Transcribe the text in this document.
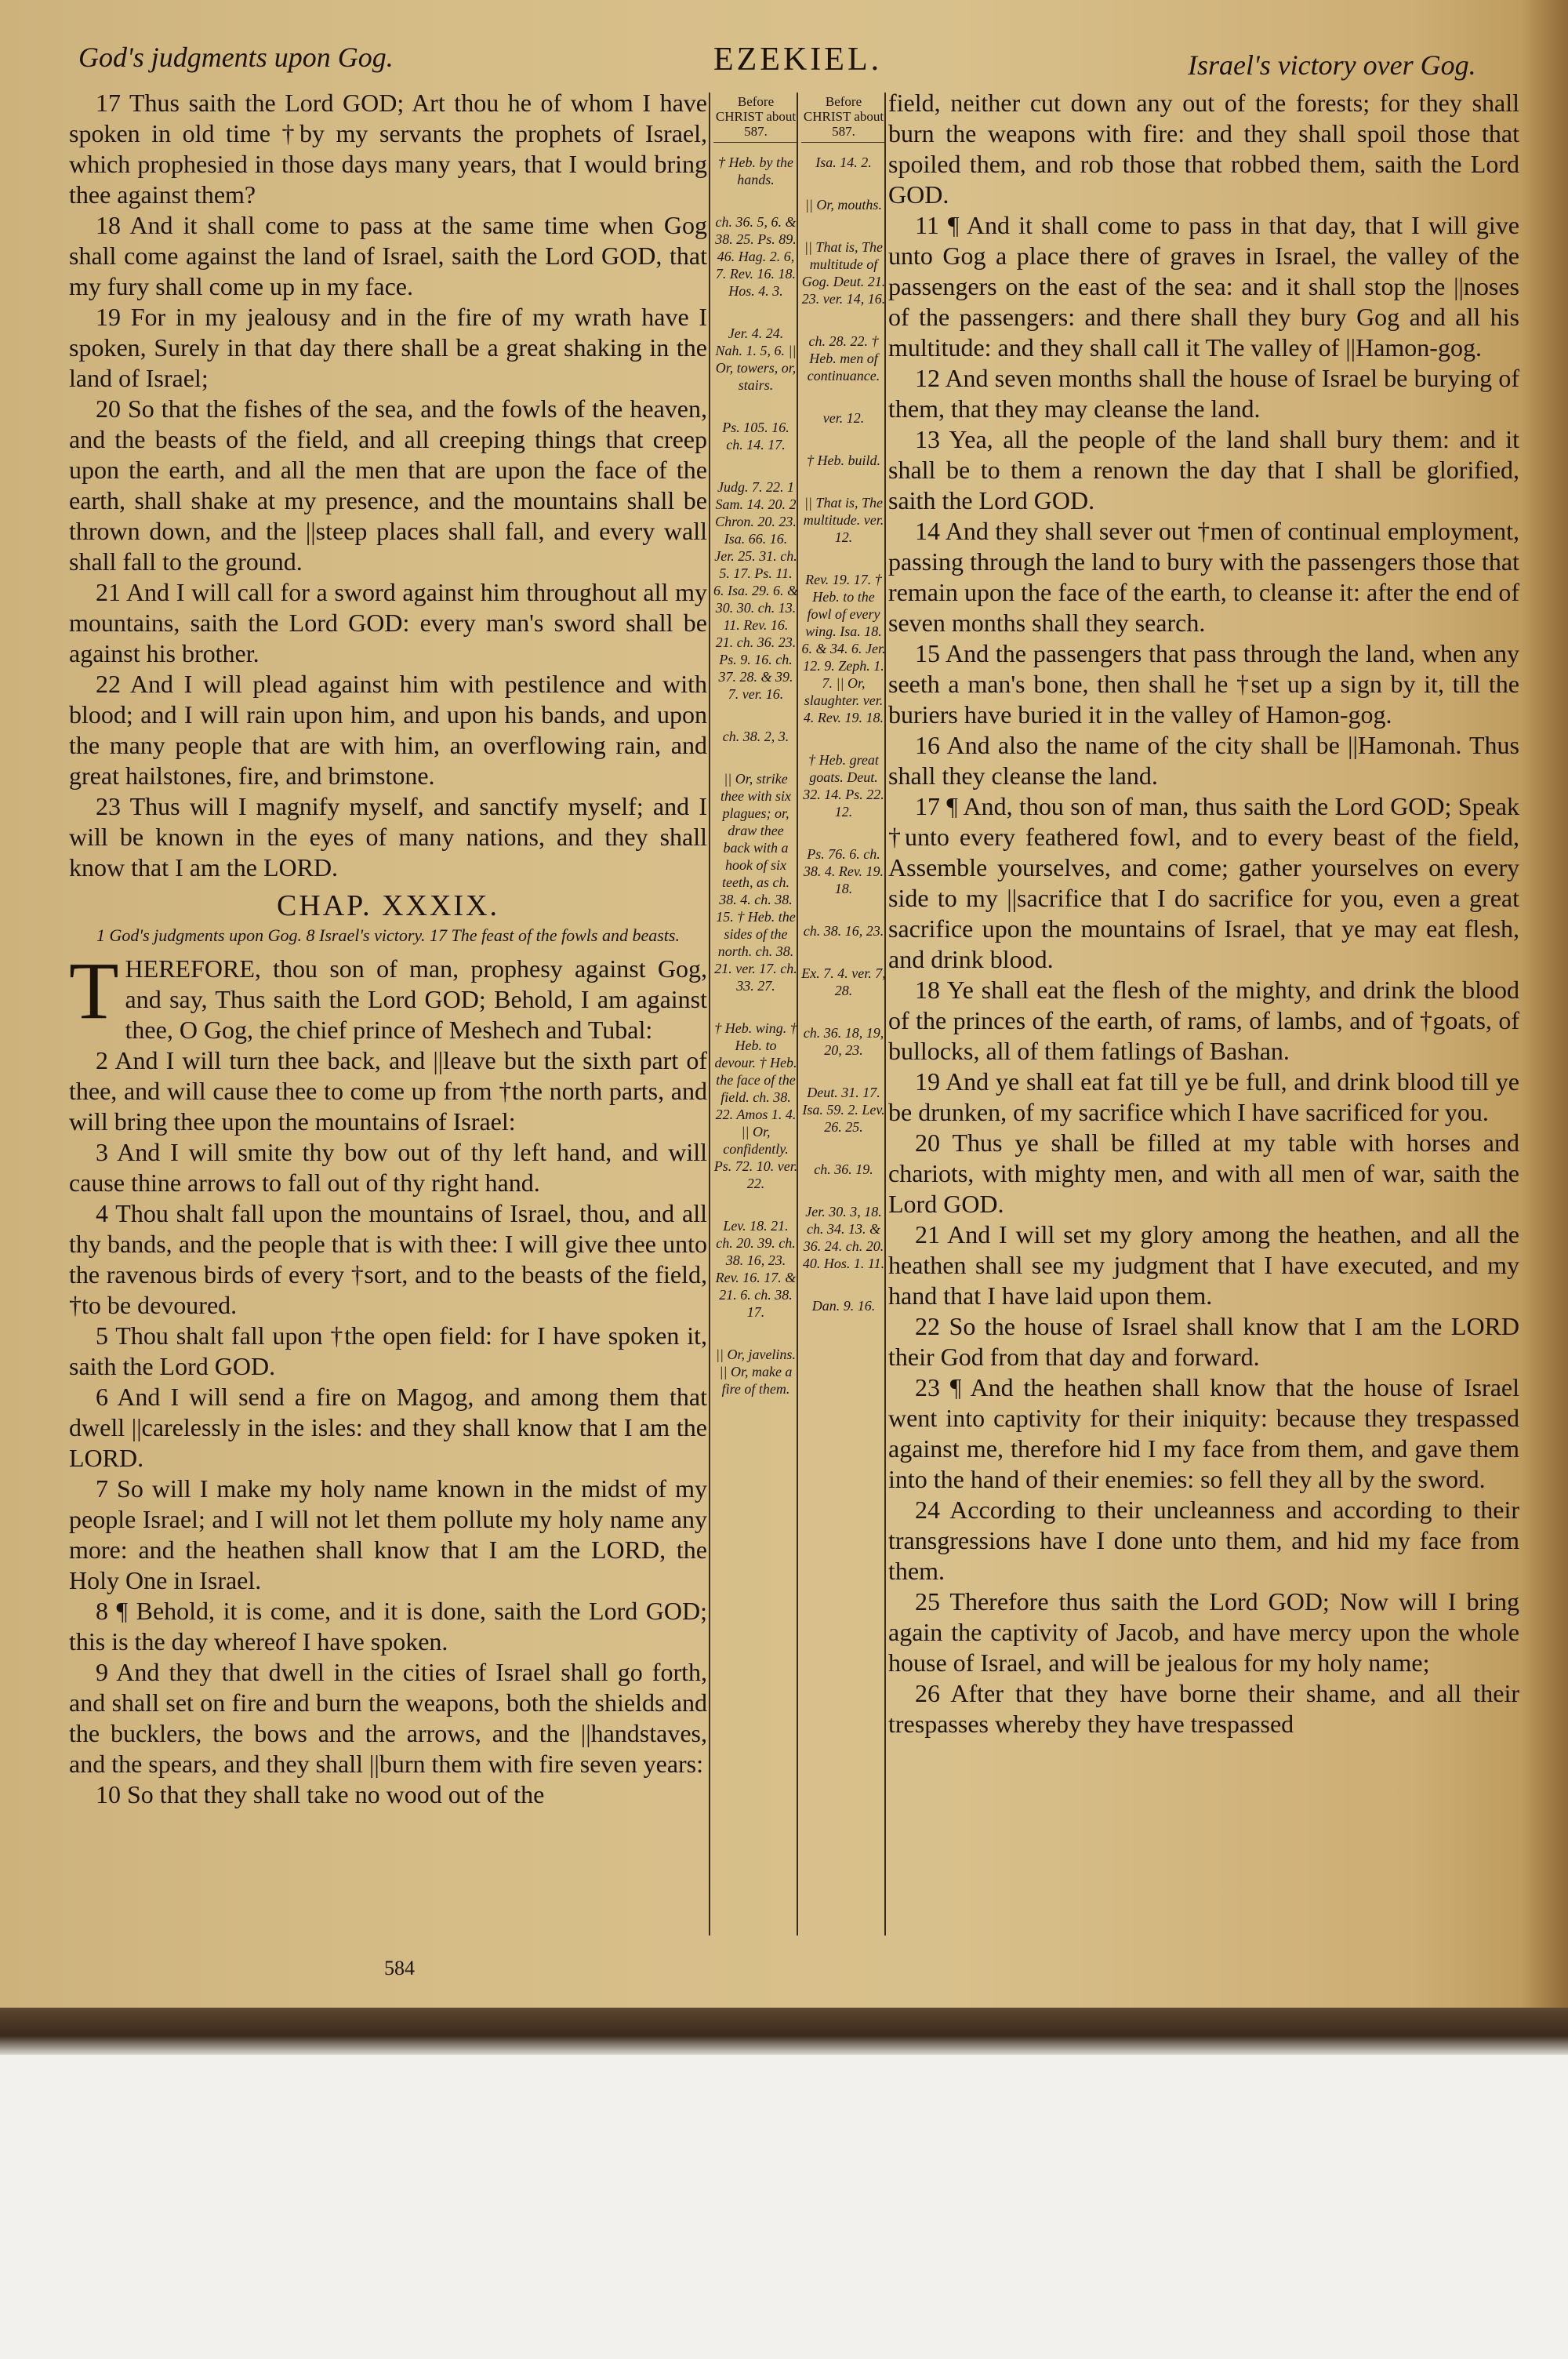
God's judgments upon Gog.	EZEKIEL.	Israel's victory over Gog.

17 Thus saith the Lord GOD; Art thou he of whom I have spoken in old time †by my servants the prophets of Israel, which prophesied in those days many years, that I would bring thee against them?

18 And it shall come to pass at the same time when Gog shall come against the land of Israel, saith the Lord GOD, that my fury shall come up in my face.

19 For in my jealousy and in the fire of my wrath have I spoken, Surely in that day there shall be a great shaking in the land of Israel;

20 So that the fishes of the sea, and the fowls of the heaven, and the beasts of the field, and all creeping things that creep upon the earth, and all the men that are upon the face of the earth, shall shake at my presence, and the mountains shall be thrown down, and the ||steep places shall fall, and every wall shall fall to the ground.

21 And I will call for a sword against him throughout all my mountains, saith the Lord GOD: every man's sword shall be against his brother.

22 And I will plead against him with pestilence and with blood; and I will rain upon him, and upon his bands, and upon the many people that are with him, an overflowing rain, and great hailstones, fire, and brimstone.

23 Thus will I magnify myself, and sanctify myself; and I will be known in the eyes of many nations, and they shall know that I am the LORD.

CHAP. XXXIX.
1 God's judgments upon Gog. 8 Israel's victory. 17 The feast of the fowls and beasts.

THEREFORE, thou son of man, prophesy against Gog, and say, Thus saith the Lord GOD; Behold, I am against thee, O Gog, the chief prince of Meshech and Tubal:

2 And I will turn thee back, and ||leave but the sixth part of thee, and will cause thee to come up from †the north parts, and will bring thee upon the mountains of Israel:

3 And I will smite thy bow out of thy left hand, and will cause thine arrows to fall out of thy right hand.

4 Thou shalt fall upon the mountains of Israel, thou, and all thy bands, and the people that is with thee: I will give thee unto the ravenous birds of every †sort, and to the beasts of the field, †to be devoured.

5 Thou shalt fall upon †the open field: for I have spoken it, saith the Lord GOD.

6 And I will send a fire on Magog, and among them that dwell ||carelessly in the isles: and they shall know that I am the LORD.

7 So will I make my holy name known in the midst of my people Israel; and I will not let them pollute my holy name any more: and the heathen shall know that I am the LORD, the Holy One in Israel.

8 ¶ Behold, it is come, and it is done, saith the Lord GOD; this is the day whereof I have spoken.

9 And they that dwell in the cities of Israel shall go forth, and shall set on fire and burn the weapons, both the shields and the bucklers, the bows and the arrows, and the ||handstaves, and the spears, and they shall ||burn them with fire seven years:

10 So that they shall take no wood out of the

Before CHRIST about 587.
† Heb. by the hands.
ch. 36. 5, 6. & 38. 25. Ps. 89. 46. Hag. 2. 6, 7. Rev. 16. 18. Hos. 4. 3.
Jer. 4. 24. Nah. 1. 5, 6. || Or, towers, or, stairs.
Ps. 105. 16. ch. 14. 17.
Judg. 7. 22. 1 Sam. 14. 20. 2 Chron. 20. 23. Isa. 66. 16. Jer. 25. 31. ch. 5. 17. Ps. 11. 6. Isa. 29. 6. & 30. 30. ch. 13. 11. Rev. 16. 21. ch. 36. 23. Ps. 9. 16. ch. 37. 28. & 39. 7. ver. 16.
ch. 38. 2, 3.
|| Or, strike thee with six plagues; or, draw thee back with a hook of six teeth, as ch. 38. 4. ch. 38. 15. † Heb. the sides of the north. ch. 38. 21. ver. 17. ch. 33. 27.
† Heb. wing. † Heb. to devour. † Heb. the face of the field. ch. 38. 22. Amos 1. 4. || Or, confidently. Ps. 72. 10. ver. 22.
Lev. 18. 21. ch. 20. 39. ch. 38. 16, 23. Rev. 16. 17. & 21. 6. ch. 38. 17.
|| Or, javelins. || Or, make a fire of them.
Before CHRIST about 587.
Isa. 14. 2.
|| Or, mouths.
|| That is, The multitude of Gog. Deut. 21. 23. ver. 14, 16.
ch. 28. 22. † Heb. men of continuance.
ver. 12.
† Heb. build.
|| That is, The multitude. ver. 12.
Rev. 19. 17. † Heb. to the fowl of every wing. Isa. 18. 6. & 34. 6. Jer. 12. 9. Zeph. 1. 7. || Or, slaughter. ver. 4. Rev. 19. 18.
† Heb. great goats. Deut. 32. 14. Ps. 22. 12.
Ps. 76. 6. ch. 38. 4. Rev. 19. 18.
ch. 38. 16, 23.
Ex. 7. 4. ver. 7, 28.
ch. 36. 18, 19, 20, 23.
Deut. 31. 17. Isa. 59. 2. Lev. 26. 25.
ch. 36. 19.
Jer. 30. 3, 18. ch. 34. 13. & 36. 24. ch. 20. 40. Hos. 1. 11.
Dan. 9. 16.

field, neither cut down any out of the forests; for they shall burn the weapons with fire: and they shall spoil those that spoiled them, and rob those that robbed them, saith the Lord GOD.

11 ¶ And it shall come to pass in that day, that I will give unto Gog a place there of graves in Israel, the valley of the passengers on the east of the sea: and it shall stop the ||noses of the passengers: and there shall they bury Gog and all his multitude: and they shall call it The valley of ||Hamon-gog.

12 And seven months shall the house of Israel be burying of them, that they may cleanse the land.

13 Yea, all the people of the land shall bury them: and it shall be to them a renown the day that I shall be glorified, saith the Lord GOD.

14 And they shall sever out †men of continual employment, passing through the land to bury with the passengers those that remain upon the face of the earth, to cleanse it: after the end of seven months shall they search.

15 And the passengers that pass through the land, when any seeth a man's bone, then shall he †set up a sign by it, till the buriers have buried it in the valley of Hamon-gog.

16 And also the name of the city shall be ||Hamonah. Thus shall they cleanse the land.

17 ¶ And, thou son of man, thus saith the Lord GOD; Speak †unto every feathered fowl, and to every beast of the field, Assemble yourselves, and come; gather yourselves on every side to my ||sacrifice that I do sacrifice for you, even a great sacrifice upon the mountains of Israel, that ye may eat flesh, and drink blood.

18 Ye shall eat the flesh of the mighty, and drink the blood of the princes of the earth, of rams, of lambs, and of †goats, of bullocks, all of them fatlings of Bashan.

19 And ye shall eat fat till ye be full, and drink blood till ye be drunken, of my sacrifice which I have sacrificed for you.

20 Thus ye shall be filled at my table with horses and chariots, with mighty men, and with all men of war, saith the Lord GOD.

21 And I will set my glory among the heathen, and all the heathen shall see my judgment that I have executed, and my hand that I have laid upon them.

22 So the house of Israel shall know that I am the LORD their God from that day and forward.

23 ¶ And the heathen shall know that the house of Israel went into captivity for their iniquity: because they trespassed against me, therefore hid I my face from them, and gave them into the hand of their enemies: so fell they all by the sword.

24 According to their uncleanness and according to their transgressions have I done unto them, and hid my face from them.

25 Therefore thus saith the Lord GOD; Now will I bring again the captivity of Jacob, and have mercy upon the whole house of Israel, and will be jealous for my holy name;

26 After that they have borne their shame, and all their trespasses whereby they have trespassed

584
